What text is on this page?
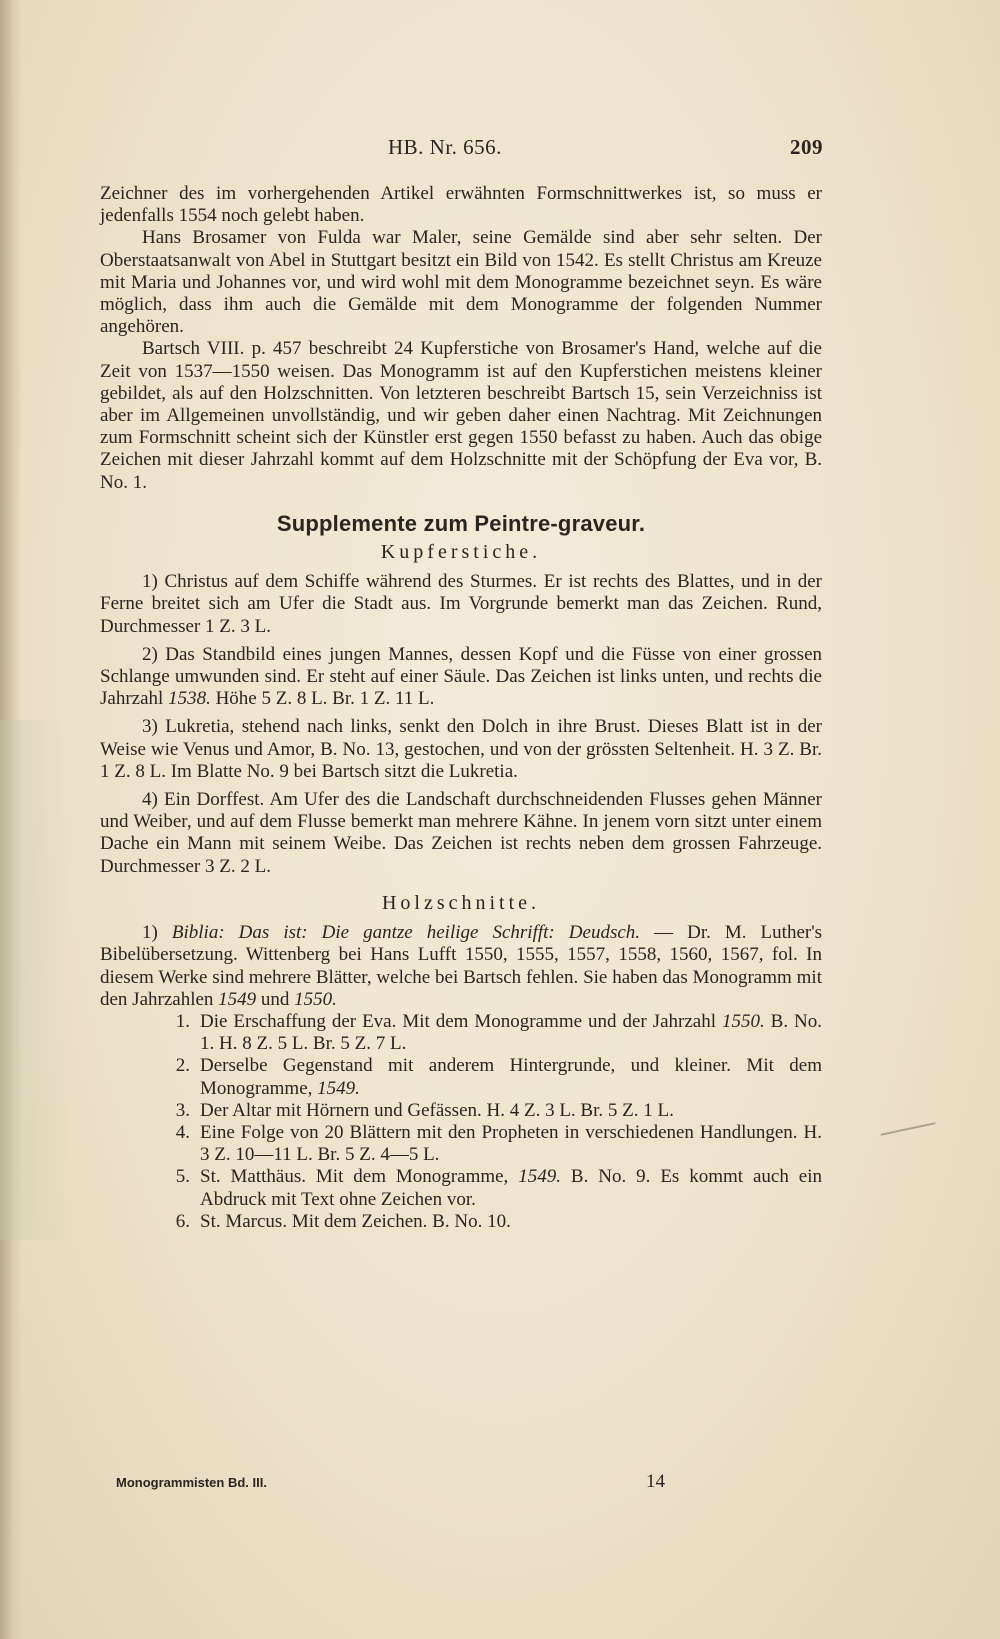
HB. Nr. 656.	209

Zeichner des im vorhergehenden Artikel erwähnten Formschnittwerkes ist, so muss er jedenfalls 1554 noch gelebt haben.

Hans Brosamer von Fulda war Maler, seine Gemälde sind aber sehr selten. Der Oberstaatsanwalt von Abel in Stuttgart besitzt ein Bild von 1542. Es stellt Christus am Kreuze mit Maria und Johannes vor, und wird wohl mit dem Monogramme bezeichnet seyn. Es wäre möglich, dass ihm auch die Gemälde mit dem Monogramme der folgenden Nummer angehören.

Bartsch VIII. p. 457 beschreibt 24 Kupferstiche von Brosamer's Hand, welche auf die Zeit von 1537—1550 weisen. Das Monogramm ist auf den Kupferstichen meistens kleiner gebildet, als auf den Holzschnitten. Von letzteren beschreibt Bartsch 15, sein Verzeichniss ist aber im Allgemeinen unvollständig, und wir geben daher einen Nachtrag. Mit Zeichnungen zum Formschnitt scheint sich der Künstler erst gegen 1550 befasst zu haben. Auch das obige Zeichen mit dieser Jahrzahl kommt auf dem Holzschnitte mit der Schöpfung der Eva vor, B. No. 1.

Supplemente zum Peintre-graveur.
Kupferstiche.

1) Christus auf dem Schiffe während des Sturmes. Er ist rechts des Blattes, und in der Ferne breitet sich am Ufer die Stadt aus. Im Vorgrunde bemerkt man das Zeichen. Rund, Durchmesser 1 Z. 3 L.

2) Das Standbild eines jungen Mannes, dessen Kopf und die Füsse von einer grossen Schlange umwunden sind. Er steht auf einer Säule. Das Zeichen ist links unten, und rechts die Jahrzahl 1538. Höhe 5 Z. 8 L. Br. 1 Z. 11 L.

3) Lukretia, stehend nach links, senkt den Dolch in ihre Brust. Dieses Blatt ist in der Weise wie Venus und Amor, B. No. 13, gestochen, und von der grössten Seltenheit. H. 3 Z. Br. 1 Z. 8 L. Im Blatte No. 9 bei Bartsch sitzt die Lukretia.

4) Ein Dorffest. Am Ufer des die Landschaft durchschneidenden Flusses gehen Männer und Weiber, und auf dem Flusse bemerkt man mehrere Kähne. In jenem vorn sitzt unter einem Dache ein Mann mit seinem Weibe. Das Zeichen ist rechts neben dem grossen Fahrzeuge. Durchmesser 3 Z. 2 L.

Holzschnitte.

1) Biblia: Das ist: Die gantze heilige Schrifft: Deudsch. — Dr. M. Luther's Bibelübersetzung. Wittenberg bei Hans Lufft 1550, 1555, 1557, 1558, 1560, 1567, fol. In diesem Werke sind mehrere Blätter, welche bei Bartsch fehlen. Sie haben das Monogramm mit den Jahrzahlen 1549 und 1550.

1. Die Erschaffung der Eva. Mit dem Monogramme und der Jahrzahl 1550. B. No. 1. H. 8 Z. 5 L. Br. 5 Z. 7 L.
2. Derselbe Gegenstand mit anderem Hintergrunde, und kleiner. Mit dem Monogramme, 1549.
3. Der Altar mit Hörnern und Gefässen. H. 4 Z. 3 L. Br. 5 Z. 1 L.
4. Eine Folge von 20 Blättern mit den Propheten in verschiedenen Handlungen. H. 3 Z. 10—11 L. Br. 5 Z. 4—5 L.
5. St. Matthäus. Mit dem Monogramme, 1549. B. No. 9. Es kommt auch ein Abdruck mit Text ohne Zeichen vor.
6. St. Marcus. Mit dem Zeichen. B. No. 10.
Monogrammisten Bd. III.	14
